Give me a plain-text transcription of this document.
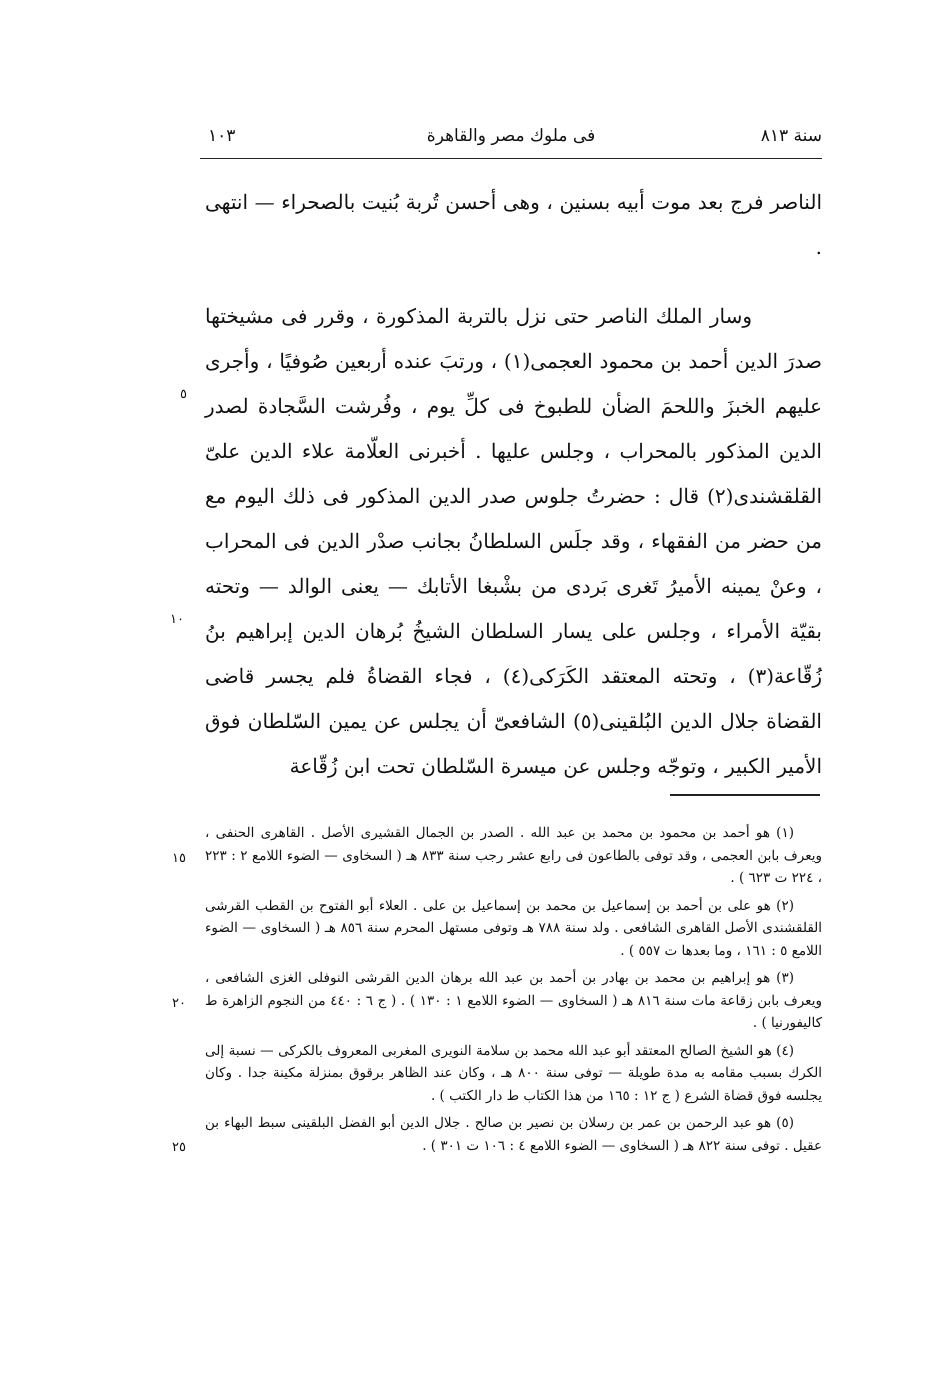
سنة ٨١٣
فى ملوك مصر والقاهرة
١٠٣

الناصر فرج بعد موت أبيه بسنين ، وهى أحسن تُربة بُنيت بالصحراء — انتهى .

وسار الملك الناصر حتى نزل بالتربة المذكورة ، وقرر فى مشيختها صدرَ الدين أحمد بن محمود العجمى(١) ، ورتبَ عنده أربعين صُوفيًا ، وأجرى عليهم الخبزَ واللحمَ الضأن للطبوخ فى كلِّ يوم ، وفُرشت السَّجادة لصدر الدين المذكور بالمحراب ، وجلس عليها . أخبرنى العلّامة علاء الدين علىّ القلقشندى(٢) قال : حضرتُ جلوس صدر الدين المذكور فى ذلك اليوم مع من حضر من الفقهاء ، وقد جلَس السلطانُ بجانب صدْر الدين فى المحراب ، وعنْ يمينه الأميرُ تَغرى بَردى من بشْبغا الأتابك — يعنى الوالد — وتحته بقيّة الأمراء ، وجلس على يسار السلطان الشيخُ بُرهان الدين إبراهيم بنُ زُقّاعة(٣) ، وتحته المعتقد الكَرَكى(٤) ، فجاء القضاةُ فلم يجسر قاضى القضاة جلال الدين البُلقينى(٥) الشافعىّ أن يجلس عن يمين السّلطان فوق الأمير الكبير ، وتوجّه وجلس عن ميسرة السّلطان تحت ابن زُقّاعة

٥
١٠
١٥
٢٠
٢٥

(١) هو أحمد بن محمود بن محمد بن عبد الله . الصدر بن الجمال القشيرى الأصل . القاهرى الحنفى ، ويعرف بابن العجمى ، وقد توفى بالطاعون فى رابع عشر رجب سنة ٨٣٣ هـ ( السخاوى — الضوء اللامع ٢ : ٢٢٣ ، ٢٢٤ ت ٦٢٣ ) .

(٢) هو على بن أحمد بن إسماعيل بن محمد بن إسماعيل بن على . العلاء أبو الفتوح بن القطب القرشى القلقشندى الأصل القاهرى الشافعى . ولد سنة ٧٨٨ هـ وتوفى مستهل المحرم سنة ٨٥٦ هـ ( السخاوى — الضوء اللامع ٥ : ١٦١ ، وما بعدها ت ٥٥٧ ) .

(٣) هو إبراهيم بن محمد بن بهادر بن أحمد بن عبد الله برهان الدين القرشى النوفلى الغزى الشافعى ، ويعرف بابن زقاعة مات سنة ٨١٦ هـ ( السخاوى — الضوء اللامع ١ : ١٣٠ ) . ( ج ٦ : ٤٤٠ من النجوم الزاهرة ط كاليفورنيا ) .

(٤) هو الشيخ الصالح المعتقد أبو عبد الله محمد بن سلامة النويرى المغربى المعروف بالكركى — نسبة إلى الكرك بسبب مقامه به مدة طويلة — توفى سنة ٨٠٠ هـ ، وكان عند الظاهر برقوق بمنزلة مكينة جدا . وكان يجلسه فوق قضاة الشرع ( ج ١٢ : ١٦٥ من هذا الكتاب ط دار الكتب ) .

(٥) هو عبد الرحمن بن عمر بن رسلان بن نصير بن صالح . جلال الدين أبو الفضل البلقينى سبط البهاء بن عقيل . توفى سنة ٨٢٢ هـ ( السخاوى — الضوء اللامع ٤ : ١٠٦ ت ٣٠١ ) .
